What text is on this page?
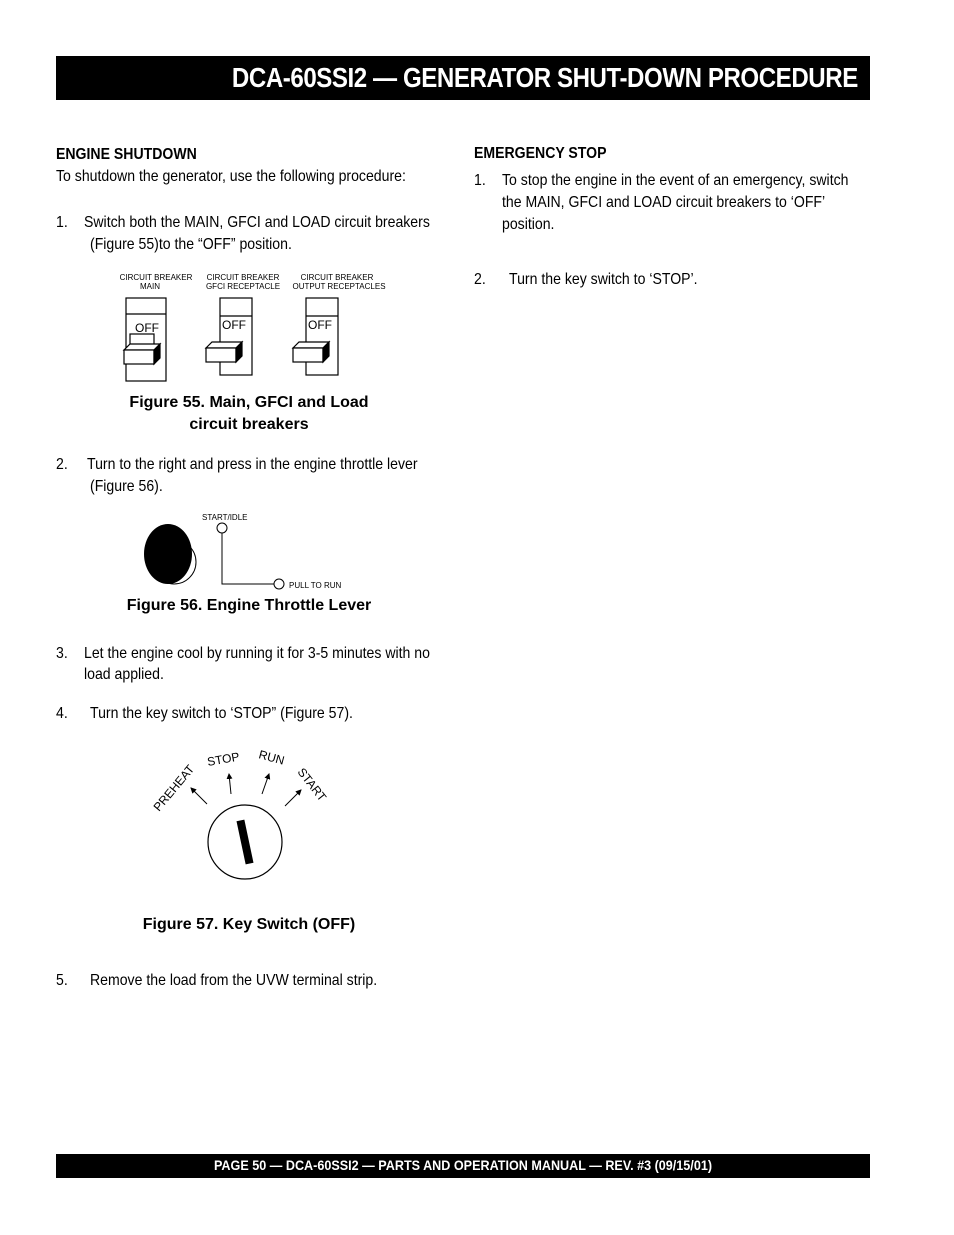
DCA-60SSI2 — GENERATOR SHUT-DOWN PROCEDURE
ENGINE SHUTDOWN
To shutdown the generator, use the following procedure:
1. Switch both the MAIN, GFCI and LOAD circuit breakers
(Figure 55)to the “OFF” position.
CIRCUIT BREAKER
MAIN
CIRCUIT BREAKER
GFCI RECEPTACLE
CIRCUIT BREAKER
OUTPUT RECEPTACLES
OFF	OFF	OFF
Figure 55. Main, GFCI and Load
circuit breakers
2. Turn to the right and press in the engine throttle lever
(Figure 56).
START/IDLE
PULL TO RUN
Figure 56. Engine Throttle Lever
3. Let the engine cool by running it for 3-5 minutes with no
load applied.
4. Turn the key switch to ‘STOP” (Figure 57).
PREHEAT
STOP RUN
START
Figure 57. Key Switch (OFF)
5. Remove the load from the UVW terminal strip.
EMERGENCY STOP
1. To stop the engine in the event of an emergency, switch
the MAIN, GFCI and LOAD circuit breakers to ‘OFF’
position.
2. Turn the key switch to ‘STOP’.
PAGE 50 — DCA-60SSI2 — PARTS AND OPERATION MANUAL — REV. #3 (09/15/01)
